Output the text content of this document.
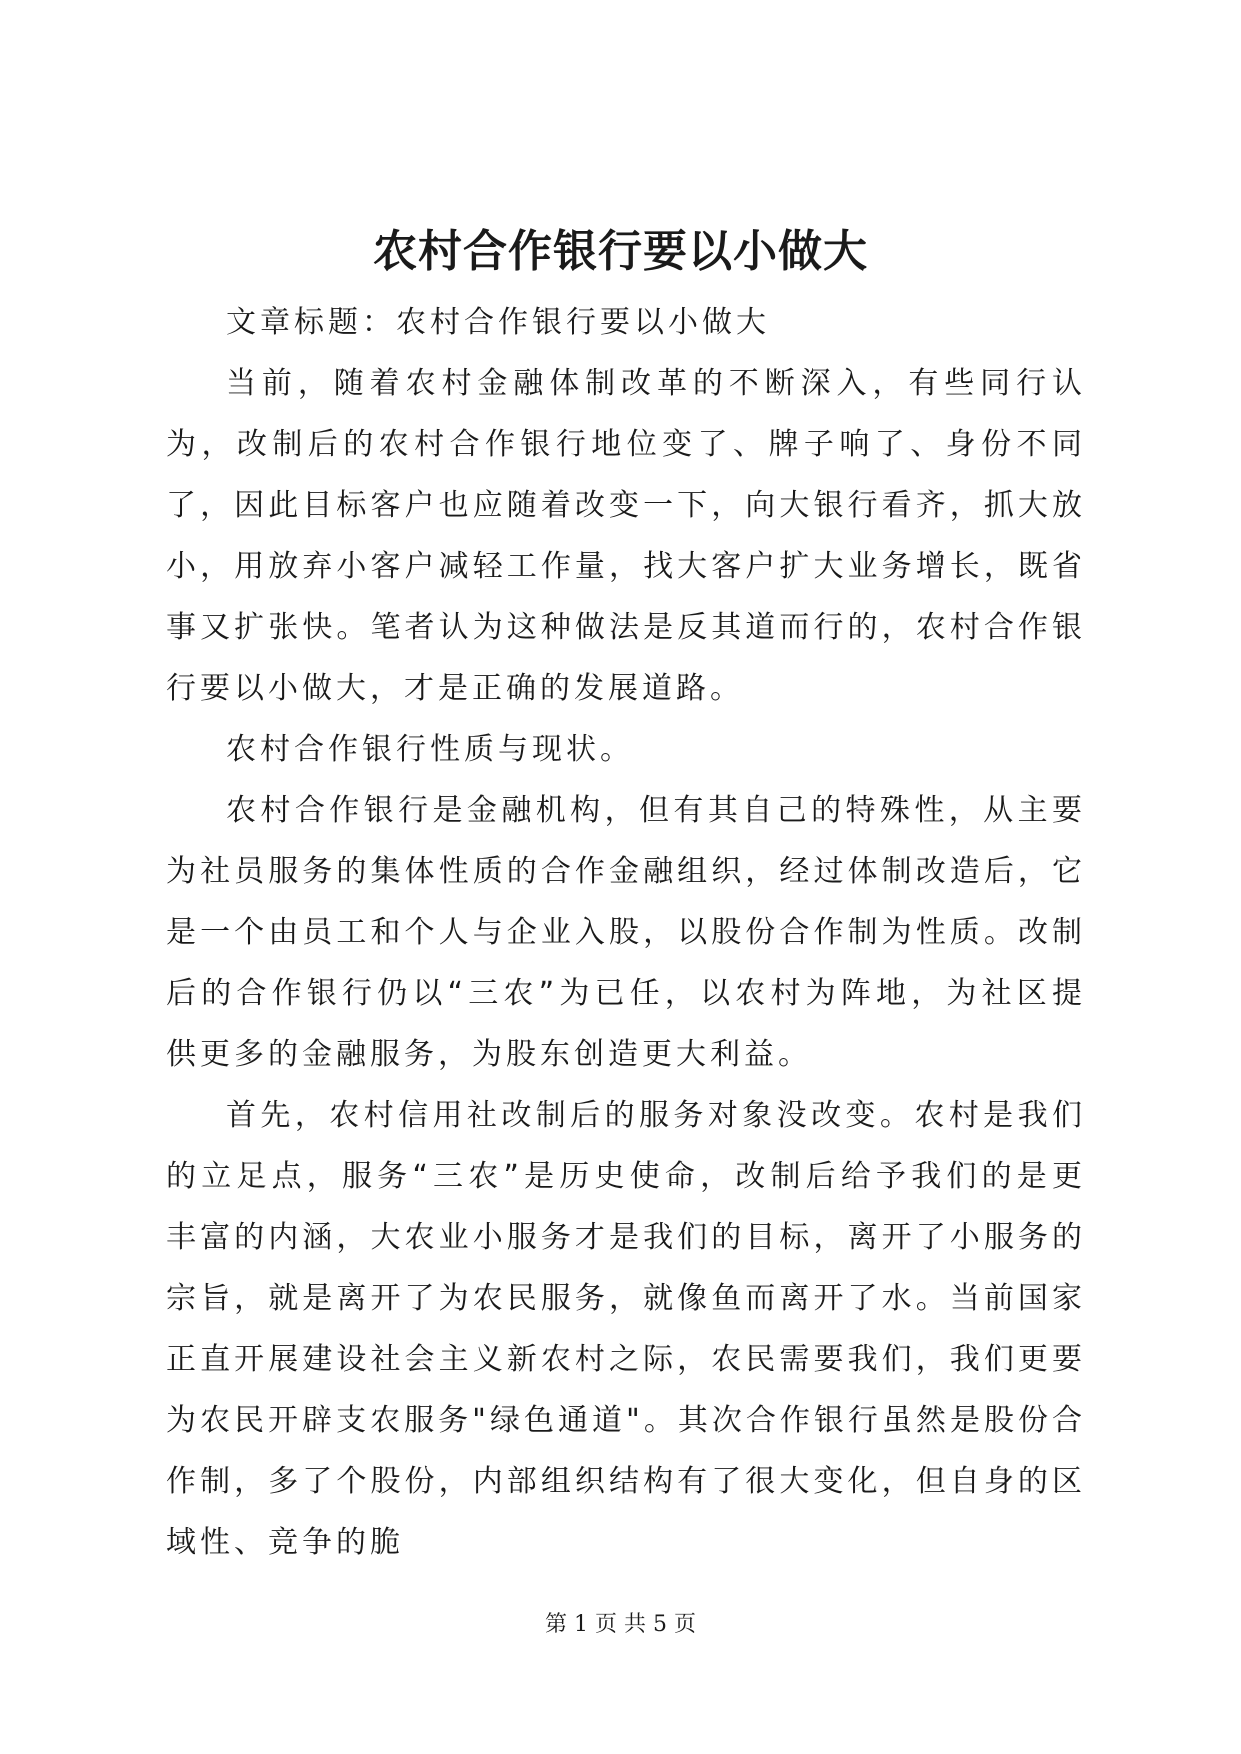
农村合作银行要以小做大

文章标题：农村合作银行要以小做大

当前，随着农村金融体制改革的不断深入，有些同行认为，改制后的农村合作银行地位变了、牌子响了、身份不同了，因此目标客户也应随着改变一下，向大银行看齐，抓大放小，用放弃小客户减轻工作量，找大客户扩大业务增长，既省事又扩张快。笔者认为这种做法是反其道而行的，农村合作银行要以小做大，才是正确的发展道路。

农村合作银行性质与现状。

农村合作银行是金融机构，但有其自己的特殊性，从主要为社员服务的集体性质的合作金融组织，经过体制改造后，它是一个由员工和个人与企业入股，以股份合作制为性质。改制后的合作银行仍以“三农”为已任，以农村为阵地，为社区提供更多的金融服务，为股东创造更大利益。

首先，农村信用社改制后的服务对象没改变。农村是我们的立足点，服务“三农”是历史使命，改制后给予我们的是更丰富的内涵，大农业小服务才是我们的目标，离开了小服务的宗旨，就是离开了为农民服务，就像鱼而离开了水。当前国家正直开展建设社会主义新农村之际，农民需要我们，我们更要为农民开辟支农服务"绿色通道"。其次合作银行虽然是股份合作制，多了个股份，内部组织结构有了很大变化，但自身的区域性、竞争的脆

第 1 页 共 5 页
